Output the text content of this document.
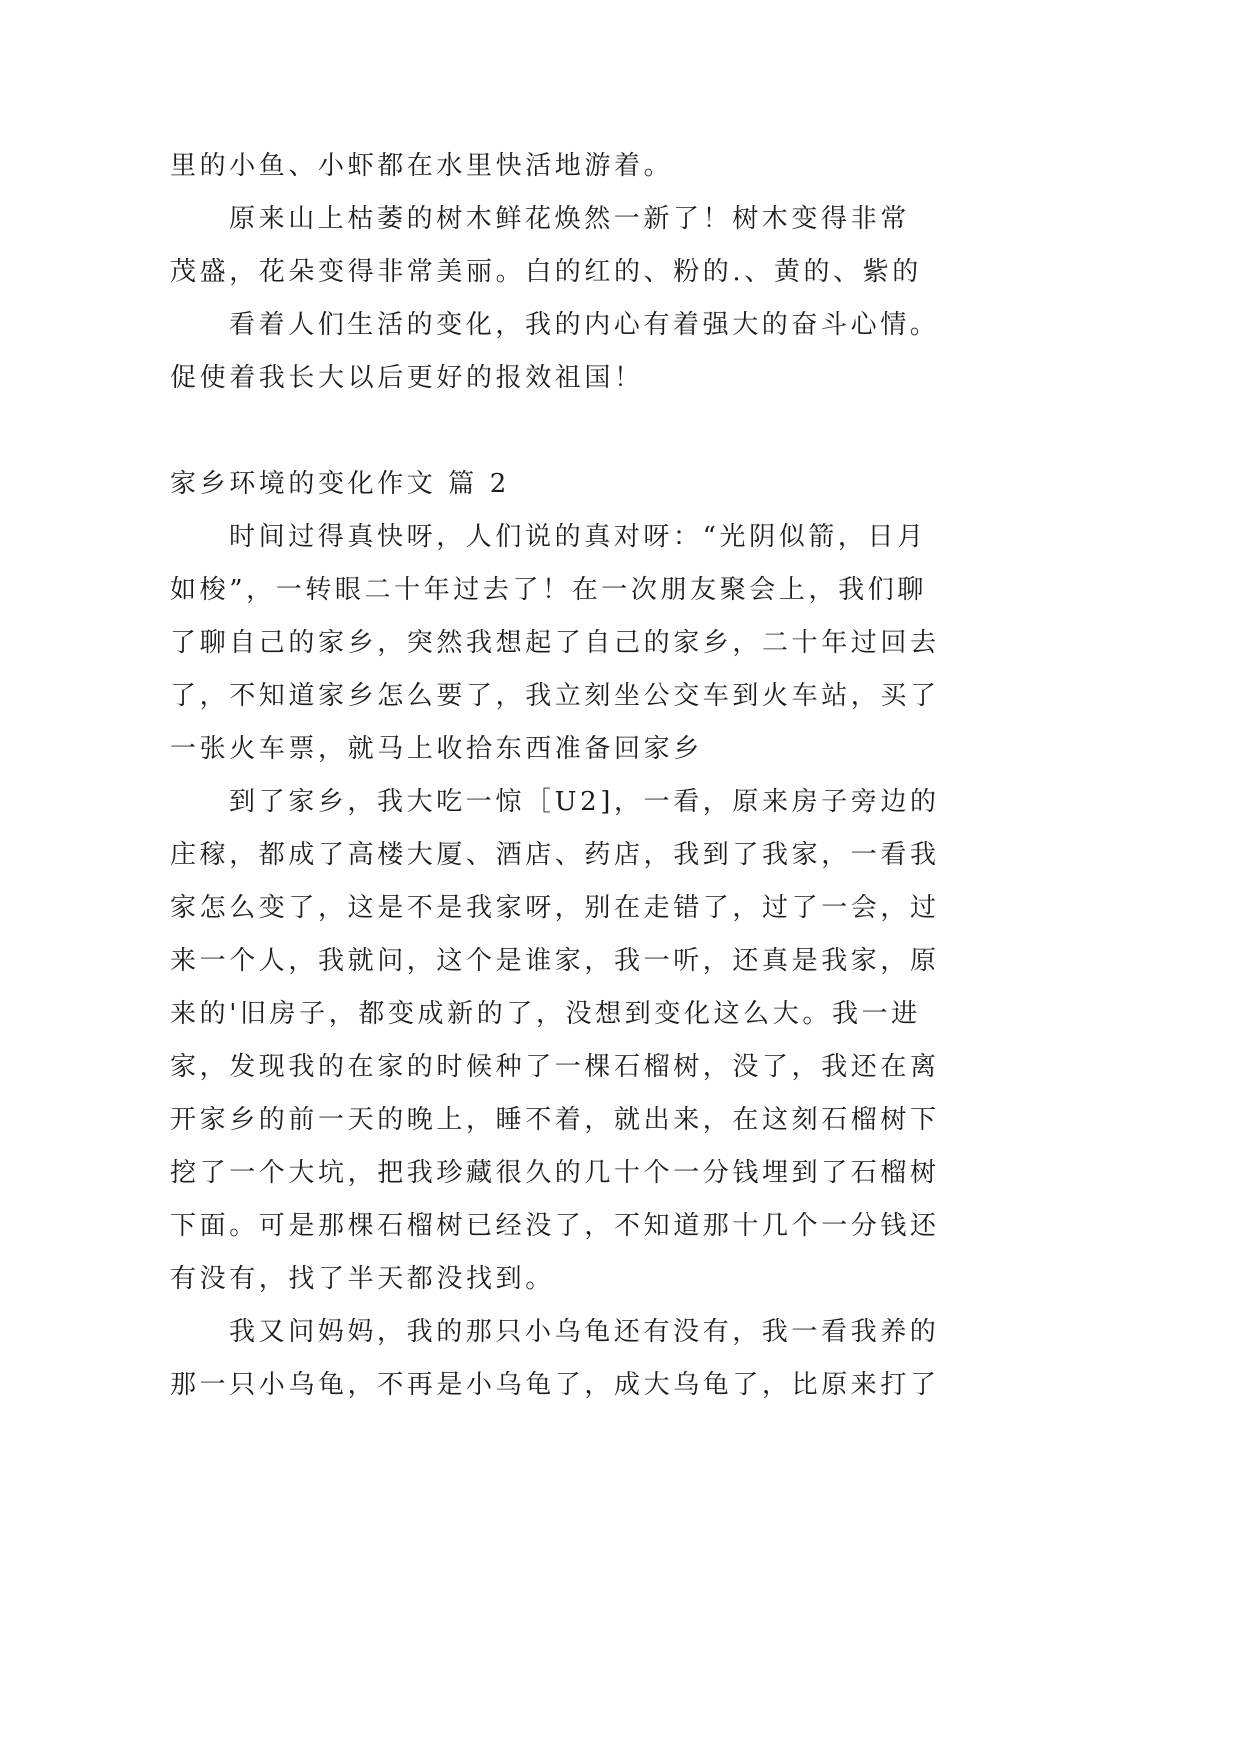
里的小鱼、小虾都在水里快活地游着。
原来山上枯萎的树木鲜花焕然一新了！树木变得非常
茂盛，花朵变得非常美丽。白的红的、粉的.、黄的、紫的
看着人们生活的变化，我的内心有着强大的奋斗心情。
促使着我长大以后更好的报效祖国！
家乡环境的变化作文 篇 2
时间过得真快呀，人们说的真对呀：“光阴似箭，日月
如梭”，一转眼二十年过去了！在一次朋友聚会上，我们聊
了聊自己的家乡，突然我想起了自己的家乡，二十年过回去
了，不知道家乡怎么要了，我立刻坐公交车到火车站，买了
一张火车票，就马上收拾东西准备回家乡
到了家乡，我大吃一惊［U2]，一看，原来房子旁边的
庄稼，都成了高楼大厦、酒店、药店，我到了我家，一看我
家怎么变了，这是不是我家呀，别在走错了，过了一会，过
来一个人，我就问，这个是谁家，我一听，还真是我家，原
来的'旧房子，都变成新的了，没想到变化这么大。我一进
家，发现我的在家的时候种了一棵石榴树，没了，我还在离
开家乡的前一天的晚上，睡不着，就出来，在这刻石榴树下
挖了一个大坑，把我珍藏很久的几十个一分钱埋到了石榴树
下面。可是那棵石榴树已经没了，不知道那十几个一分钱还
有没有，找了半天都没找到。
我又问妈妈，我的那只小乌龟还有没有，我一看我养的
那一只小乌龟，不再是小乌龟了，成大乌龟了，比原来打了
